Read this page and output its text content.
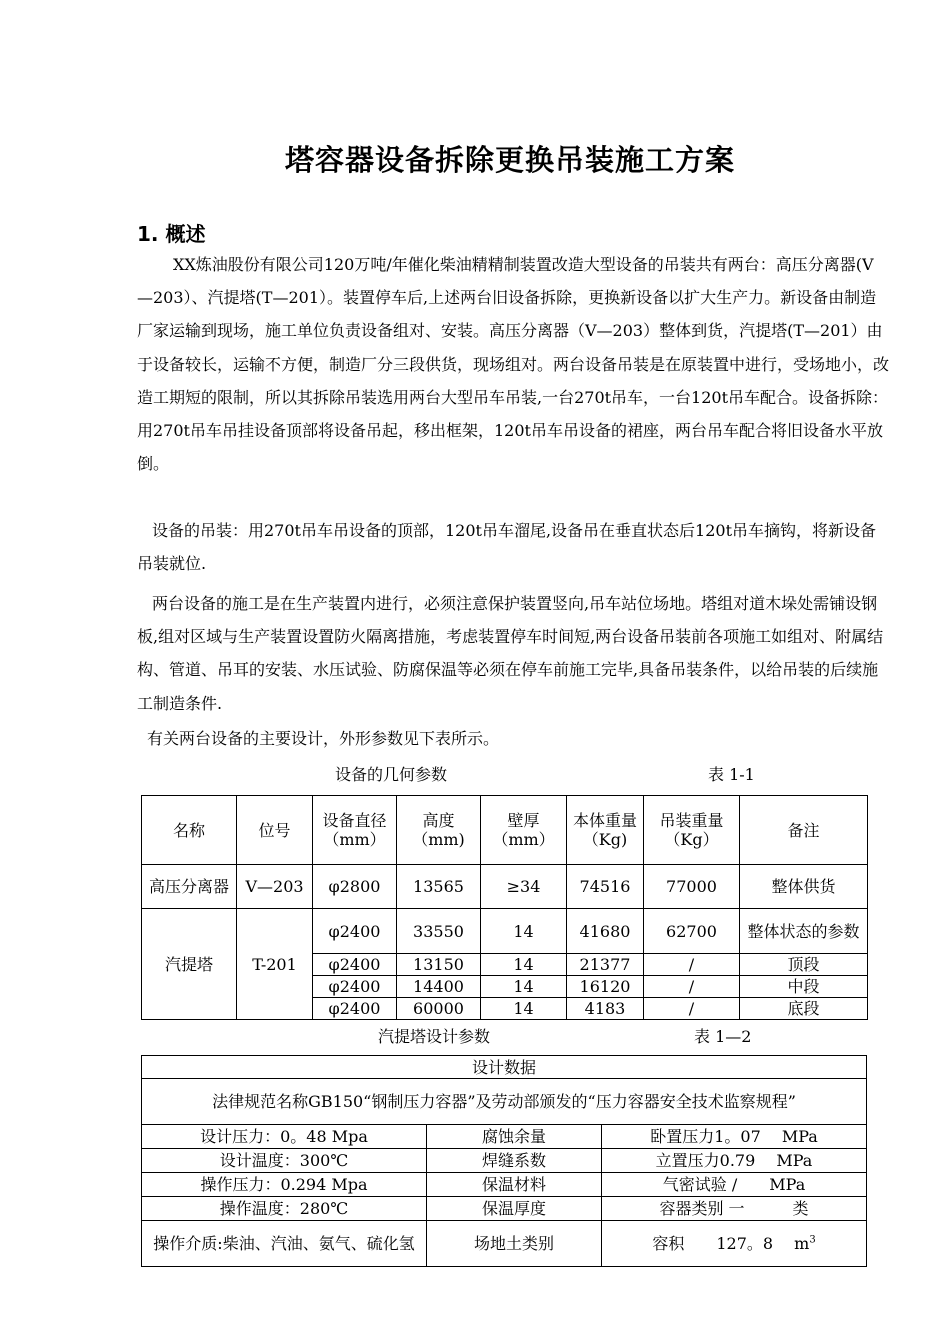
塔容器设备拆除更换吊装施工方案
1. 概述

XX炼油股份有限公司120万吨/年催化柴油精精制装置改造大型设备的吊装共有两台：高压分离器(V—203）、汽提塔(T—201）。装置停车后,上述两台旧设备拆除，更换新设备以扩大生产力。新设备由制造厂家运输到现场，施工单位负责设备组对、安装。高压分离器（V—203）整体到货，汽提塔(T—201）由于设备较长，运输不方便，制造厂分三段供货，现场组对。两台设备吊装是在原装置中进行，受场地小，改造工期短的限制，所以其拆除吊装选用两台大型吊车吊装,一台270t吊车，一台120t吊车配合。设备拆除：用270t吊车吊挂设备顶部将设备吊起，移出框架，120t吊车吊设备的裙座，两台吊车配合将旧设备水平放倒。

设备的吊装：用270t吊车吊设备的顶部，120t吊车溜尾,设备吊在垂直状态后120t吊车摘钩，将新设备吊装就位.

两台设备的施工是在生产装置内进行，必须注意保护装置竖向,吊车站位场地。塔组对道木垛处需铺设钢板,组对区域与生产装置设置防火隔离措施，考虑装置停车时间短,两台设备吊装前各项施工如组对、附属结构、管道、吊耳的安装、水压试验、防腐保温等必须在停车前施工完毕,具备吊装条件，以给吊装的后续施工制造条件.

有关两台设备的主要设计，外形参数见下表所示。

设备的几何参数	表 1-1
名称	位号	设备直径（mm）	高度（mm)	壁厚（mm）	本体重量（Kg)	吊装重量（Kg）	备注
高压分离器	V—203	φ2800	13565	≥34	74516	77000	整体供货
汽提塔	T-201	φ2400	33550	14	41680	62700	整体状态的参数
		φ2400	13150	14	21377	/	顶段
		φ2400	14400	14	16120	/	中段
		φ2400	60000	14	4183	/	底段
汽提塔设计参数	表 1—2
设计数据		
法律规范名称GB150“钢制压力容器”及劳动部颁发的“压力容器安全技术监察规程”		
设计压力：0。48 Mpa	腐蚀余量	卧置压力1。07　 MPa
设计温度：300℃	焊缝系数	立置压力0.79　 MPa
操作压力：0.294 Mpa	保温材料	气密试验 /　　MPa
操作温度：280℃	保温厚度	容器类别 一　　　类
操作介质:柴油、汽油、氨气、硫化氢	场地土类别	容积　　127。8　 $m^3$
